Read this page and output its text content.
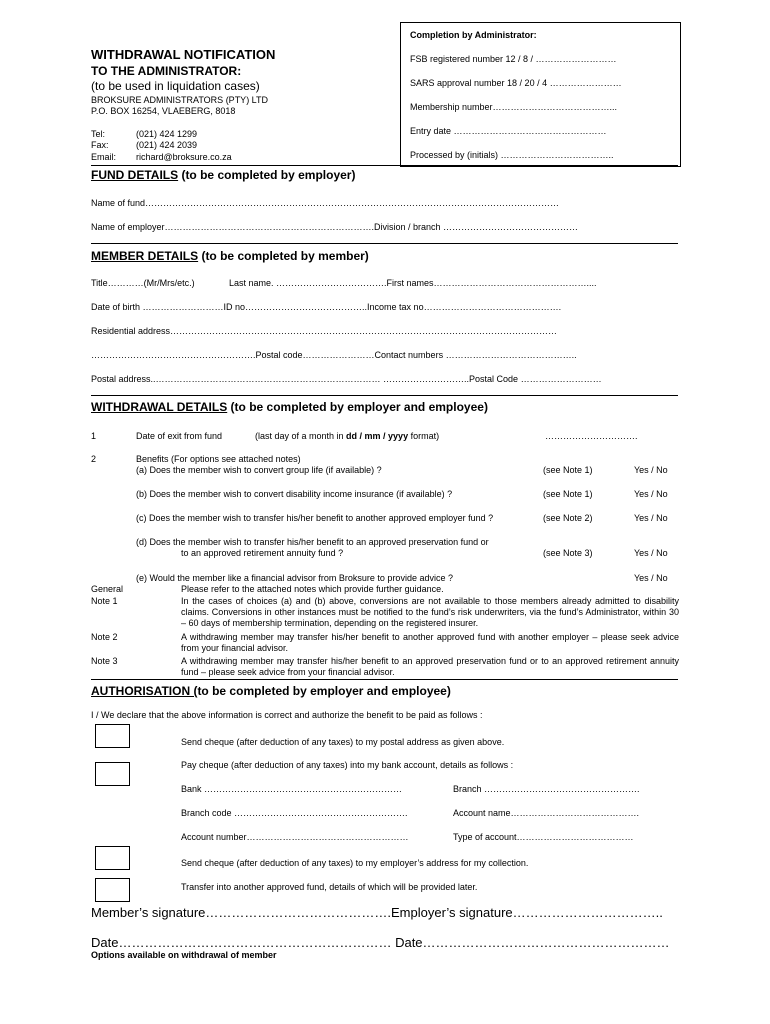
Completion by Administrator:
FSB registered number 12 / 8 / ………………………
SARS approval number 18 / 20 / 4 ……………………
Membership number…………………………………...
Entry date ……………………………………………
Processed by (initials) ………………………………..
WITHDRAWAL NOTIFICATION
TO THE ADMINISTRATOR:
(to be used in liquidation cases)
BROKSURE ADMINISTRATORS (PTY) LTD
P.O. BOX 16254, VLAEBERG, 8018
Tel:	(021) 424 1299
Fax:	(021) 424 2039
Email: richard@broksure.co.za
FUND DETAILS (to be completed by employer)
Name of fund…………………………………………………………………………………………………………………………
Name of employer…………………………………………………………….Division / branch ………………………………………
MEMBER DETAILS (to be completed by member)
Title…………(Mr/Mrs/etc.)	Last name. ……………………………….First names……………………………………………....
Date of birth ………………………ID no…………………………………..Income tax no……………………………………….
Residential address…………………………………………………………………………………………………………………
……………………………………………….Postal code……………………Contact numbers ……………………………………..
Postal address..………………………………………………………………… ………………………..Postal Code ………………………
WITHDRAWAL DETAILS (to be completed by employer and employee)
1	Date of exit from fund	(last day of a month in dd / mm / yyyy format)	………………………….
2	Benefits (For options see attached notes)
(a) Does the member wish to convert group life (if available) ?	(see Note 1)	Yes / No
(b) Does the member wish to convert disability income insurance (if available) ?	(see Note 1)	Yes / No
(c) Does the member wish to transfer his/her benefit to another approved employer fund ?	(see Note 2)	Yes / No
(d) Does the member wish to transfer his/her benefit to an approved preservation fund or
to an approved retirement annuity fund ?	(see Note 3)	Yes / No
(e) Would the member like a financial advisor from Broksure to provide advice ?	Yes / No
General	Please refer to the attached notes which provide further guidance.
Note 1	In the cases of choices (a) and (b) above, conversions are not available to those members already admitted to disability claims. Conversions in other instances must be notified to the fund’s risk underwriters, via the fund’s Administrator, within 30 – 60 days of membership termination, depending on the registered insurer.
Note 2	A withdrawing member may transfer his/her benefit to another approved fund with another employer – please seek advice from your financial advisor.
Note 3	A withdrawing member may transfer his/her benefit to an approved preservation fund or to an approved retirement annuity fund – please seek advice from your financial advisor.
AUTHORISATION (to be completed by employer and employee)
I / We declare that the above information is correct and authorize the benefit to be paid as follows :
Send cheque (after deduction of any taxes) to my postal address as given above.
Pay cheque (after deduction of any taxes) into my bank account, details as follows :
Bank …………………………………………………………	Branch …………………………………………….
Branch code ………………………………………………….	Account name…………………………………….
Account number………………………………………………	Type of account…………………………………
Send cheque (after deduction of any taxes) to my employer’s address for my collection.
Transfer into another approved fund, details of which will be provided later.
Member’s signature…………………………………….Employer’s signature……………………………..
Date……………………………………………………… Date…………………………………………………
Options available on withdrawal of member
